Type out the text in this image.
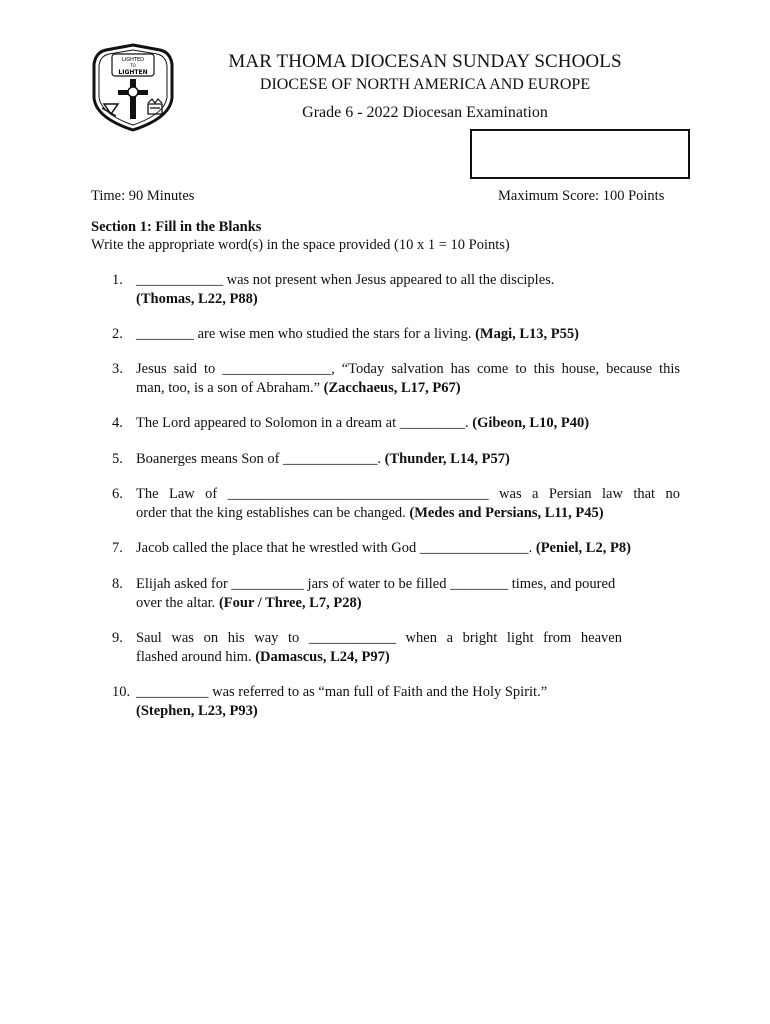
LIGHTED
TO
LIGHTEN
MAR THOMA DIOCESAN SUNDAY SCHOOLS
DIOCESE OF NORTH AMERICA AND EUROPE
Grade 6 - 2022 Diocesan Examination
Time: 90 Minutes	Maximum Score: 100 Points
Section 1: Fill in the Blanks
Write the appropriate word(s) in the space provided (10 x 1 = 10 Points)
1. ____________ was not present when Jesus appeared to all the disciples.
(Thomas, L22, P88)
2. ________ are wise men who studied the stars for a living. (Magi, L13, P55)
3. Jesus said to _______________, “Today salvation has come to this house, because this
man, too, is a son of Abraham.” (Zacchaeus, L17, P67)
4. The Lord appeared to Solomon in a dream at _________. (Gibeon, L10, P40)
5. Boanerges means Son of _____________. (Thunder, L14, P57)
6. The Law of ____________________________________ was a Persian law that no
order that the king establishes can be changed. (Medes and Persians, L11, P45)
7. Jacob called the place that he wrestled with God _______________. (Peniel, L2, P8)
8. Elijah asked for __________ jars of water to be filled ________ times, and poured
over the altar. (Four / Three, L7, P28)
9. Saul was on his way to ____________ when a bright light from heaven
flashed around him. (Damascus, L24, P97)
10. __________ was referred to as “man full of Faith and the Holy Spirit.”
(Stephen, L23, P93)
